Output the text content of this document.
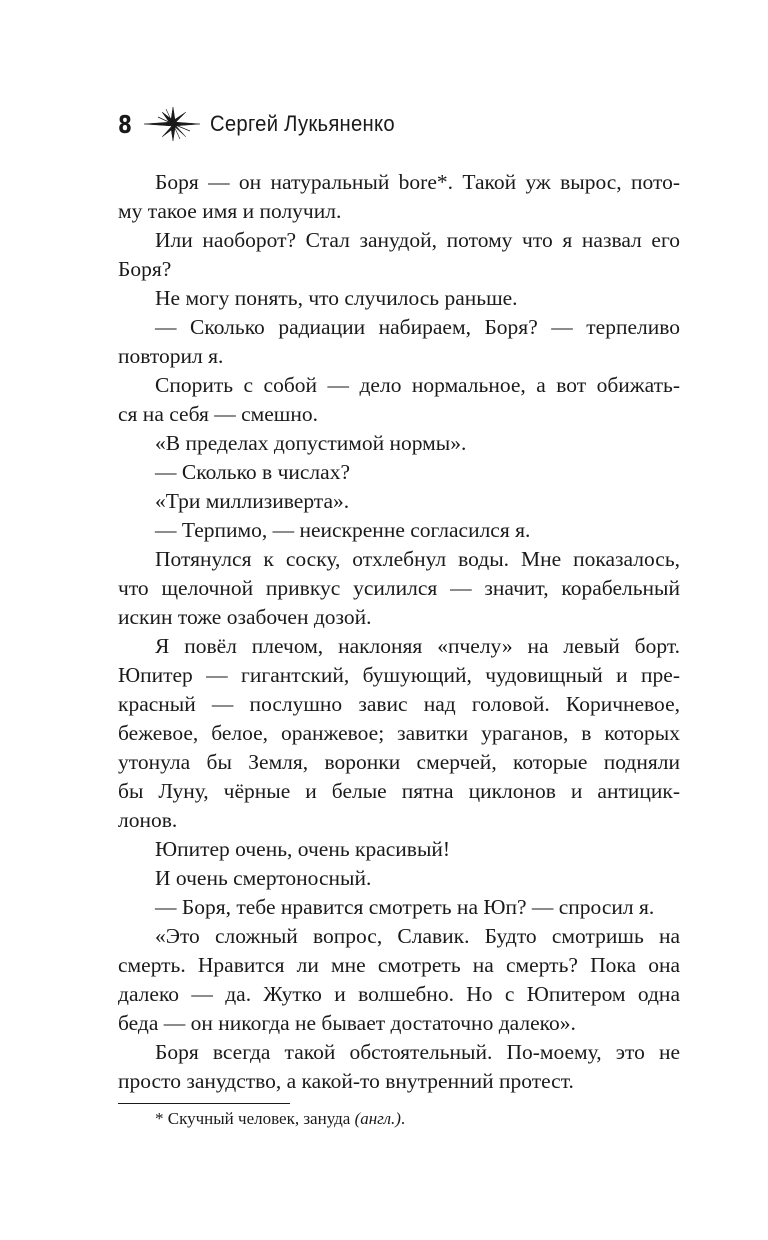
8	Сергей Лукьяненко
Боря — он натуральный bore*. Такой уж вырос, пото-
му такое имя и получил.
Или наоборот? Стал занудой, потому что я назвал его
Боря?
Не могу понять, что случилось раньше.
— Сколько радиации набираем, Боря? — терпеливо
повторил я.
Спорить с собой — дело нормальное, а вот обижать-
ся на себя — смешно.
«В пределах допустимой нормы».
— Сколько в числах?
«Три миллизиверта».
— Терпимо, — неискренне согласился я.
Потянулся к соску, отхлебнул воды. Мне показалось,
что щелочной привкус усилился — значит, корабельный
искин тоже озабочен дозой.
Я повёл плечом, наклоняя «пчелу» на левый борт.
Юпитер — гигантский, бушующий, чудовищный и пре-
красный — послушно завис над головой. Коричневое,
бежевое, белое, оранжевое; завитки ураганов, в которых
утонула бы Земля, воронки смерчей, которые подняли
бы Луну, чёрные и белые пятна циклонов и антицик-
лонов.
Юпитер очень, очень красивый!
И очень смертоносный.
— Боря, тебе нравится смотреть на Юп? — спросил я.
«Это сложный вопрос, Славик. Будто смотришь на
смерть. Нравится ли мне смотреть на смерть? Пока она
далеко — да. Жутко и волшебно. Но с Юпитером одна
беда — он никогда не бывает достаточно далеко».
Боря всегда такой обстоятельный. По-моему, это не
просто занудство, а какой-то внутренний протест.
* Скучный человек, зануда (англ.).
